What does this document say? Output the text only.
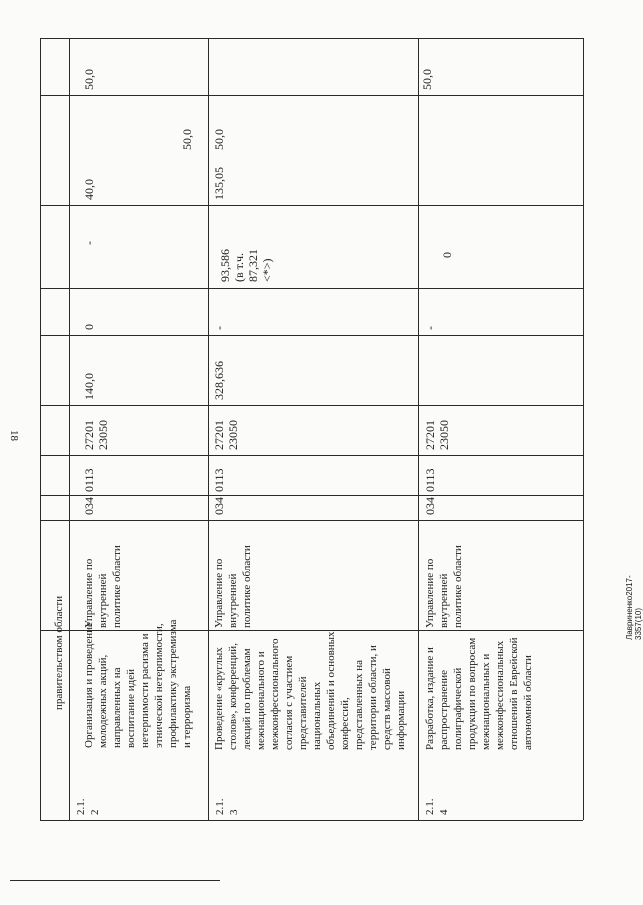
правительством области
2.1.
2
Организация и проведение
молодежных акций,
направленных на
воспитание идей
нетерпимости расизма и
этнической нетерпимости,
профилактику экстремизма
и терроризма
Управление по
внутренней
политике области
034
0113
27201
23050
140,0
0
-
40,0
50,0
2.1.
3
Проведение «круглых
столов», конференций,
лекций по проблемам
межнационального и
межконфессионального
согласия с участием
представителей
национальных
объединений и основных
конфессий,
представленных на
территории области, и
средств массовой
информации
Управление по
внутренней
политике области
034
0113
27201
23050
328,636
-
93,586
(в т.ч.
87,321
<*>)
135,05
50,0
2.1.
4
Разработка, издание и
распространение
полиграфической
продукции по вопросам
межнациональных и
межконфессиональных
отношений в Еврейской
автономной области
Управление по
внутренней
политике области
034
0113
27201
23050
-
0
50,0
50,0
18
Лавриненко2017-3357(10)
